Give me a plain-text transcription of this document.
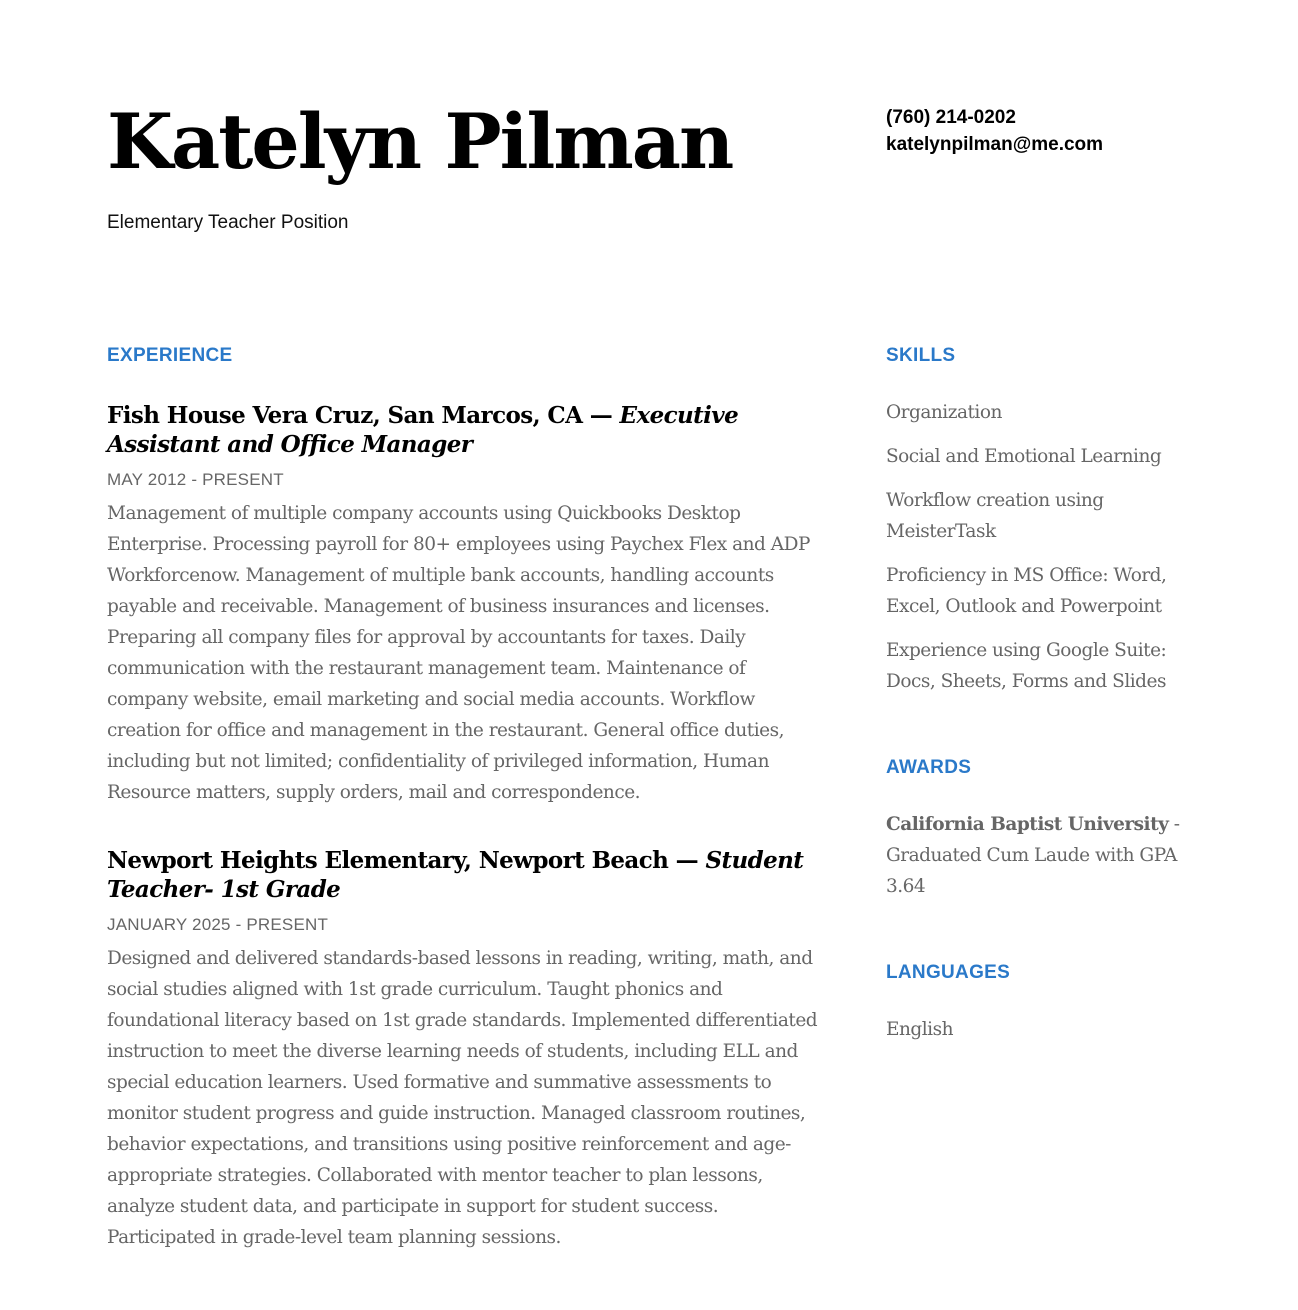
Katelyn Pilman
Elementary Teacher Position
(760) 214-0202
katelynpilman@me.com
EXPERIENCE
Fish House Vera Cruz, San Marcos, CA — Executive Assistant and Office Manager
MAY 2012 - PRESENT
Management of multiple company accounts using Quickbooks Desktop Enterprise. Processing payroll for 80+ employees using Paychex Flex and ADP Workforcenow. Management of multiple bank accounts, handling accounts payable and receivable. Management of business insurances and licenses. Preparing all company files for approval by accountants for taxes. Daily communication with the restaurant management team. Maintenance of company website, email marketing and social media accounts. Workflow creation for office and management in the restaurant. General office duties, including but not limited; confidentiality of privileged information, Human Resource matters, supply orders, mail and correspondence.
Newport Heights Elementary, Newport Beach — Student Teacher- 1st Grade
JANUARY 2025 - PRESENT
Designed and delivered standards-based lessons in reading, writing, math, and social studies aligned with 1st grade curriculum. Taught phonics and foundational literacy based on 1st grade standards. Implemented differentiated instruction to meet the diverse learning needs of students, including ELL and special education learners. Used formative and summative assessments to monitor student progress and guide instruction. Managed classroom routines, behavior expectations, and transitions using positive reinforcement and age-appropriate strategies. Collaborated with mentor teacher to plan lessons, analyze student data, and participate in support for student success. Participated in grade-level team planning sessions.
SKILLS
Organization
Social and Emotional Learning
Workflow creation using MeisterTask
Proficiency in MS Office: Word, Excel, Outlook and Powerpoint
Experience using Google Suite: Docs, Sheets, Forms and Slides
AWARDS
California Baptist University - Graduated Cum Laude with GPA 3.64
LANGUAGES
English
